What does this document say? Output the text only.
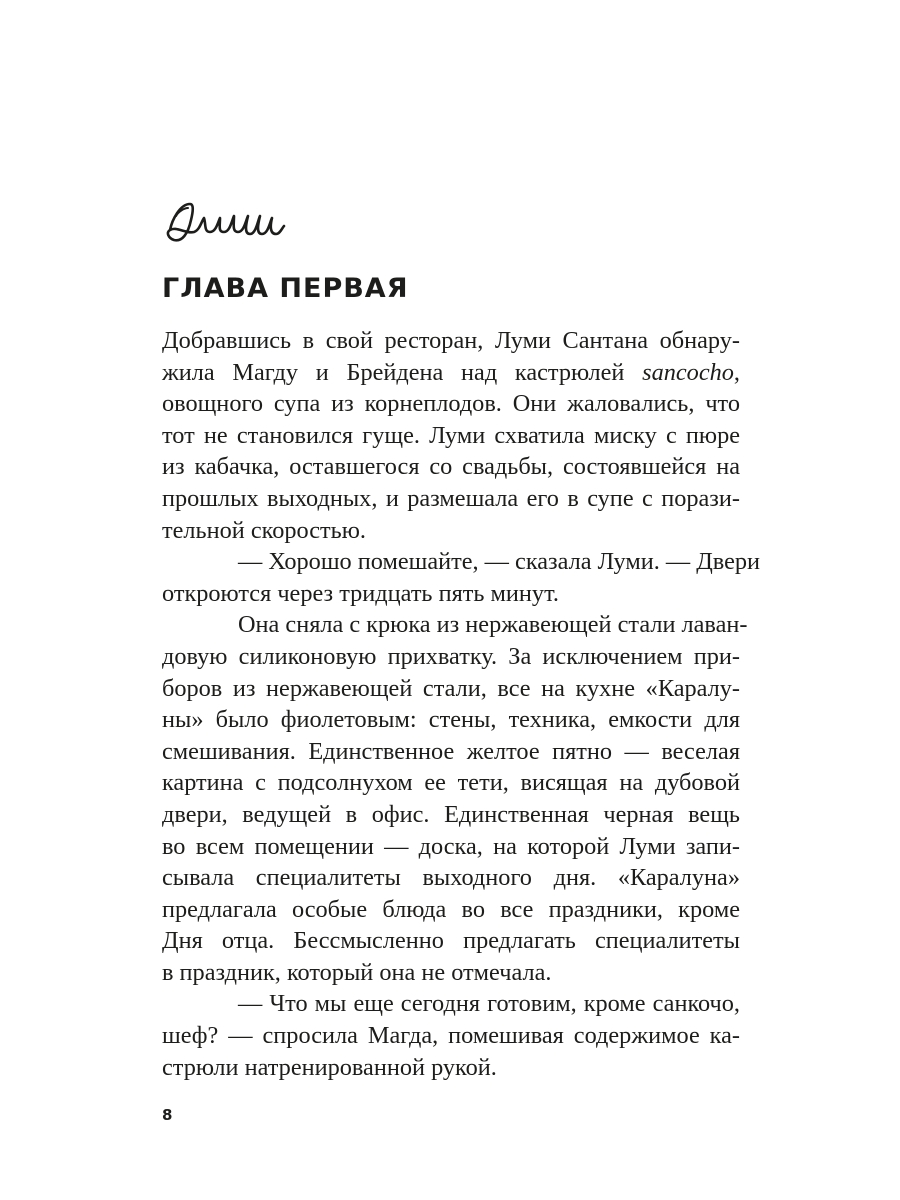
ГЛАВА ПЕРВАЯ

Добравшись в свой ресторан, Луми Сантана обнару-
жила Магду и Брейдена над кастрюлей sancocho,
овощного супа из корнеплодов. Они жаловались, что
тот не становился гуще. Луми схватила миску с пюре
из кабачка, оставшегося со свадьбы, состоявшейся на
прошлых выходных, и размешала его в супе с порази-
тельной скоростью.

— Хорошо помешайте, — сказала Луми. — Двери
откроются через тридцать пять минут.

Она сняла с крюка из нержавеющей стали лаван-
довую силиконовую прихватку. За исключением при-
боров из нержавеющей стали, все на кухне «Каралу-
ны» было фиолетовым: стены, техника, емкости для
смешивания. Единственное желтое пятно — веселая
картина с подсолнухом ее тети, висящая на дубовой
двери, ведущей в офис. Единственная черная вещь
во всем помещении — доска, на которой Луми запи-
сывала специалитеты выходного дня. «Каралуна»
предлагала особые блюда во все праздники, кроме
Дня отца. Бессмысленно предлагать специалитеты
в праздник, который она не отмечала.

— Что мы еще сегодня готовим, кроме санкочо,
шеф? — спросила Магда, помешивая содержимое ка-
стрюли натренированной рукой.

8
